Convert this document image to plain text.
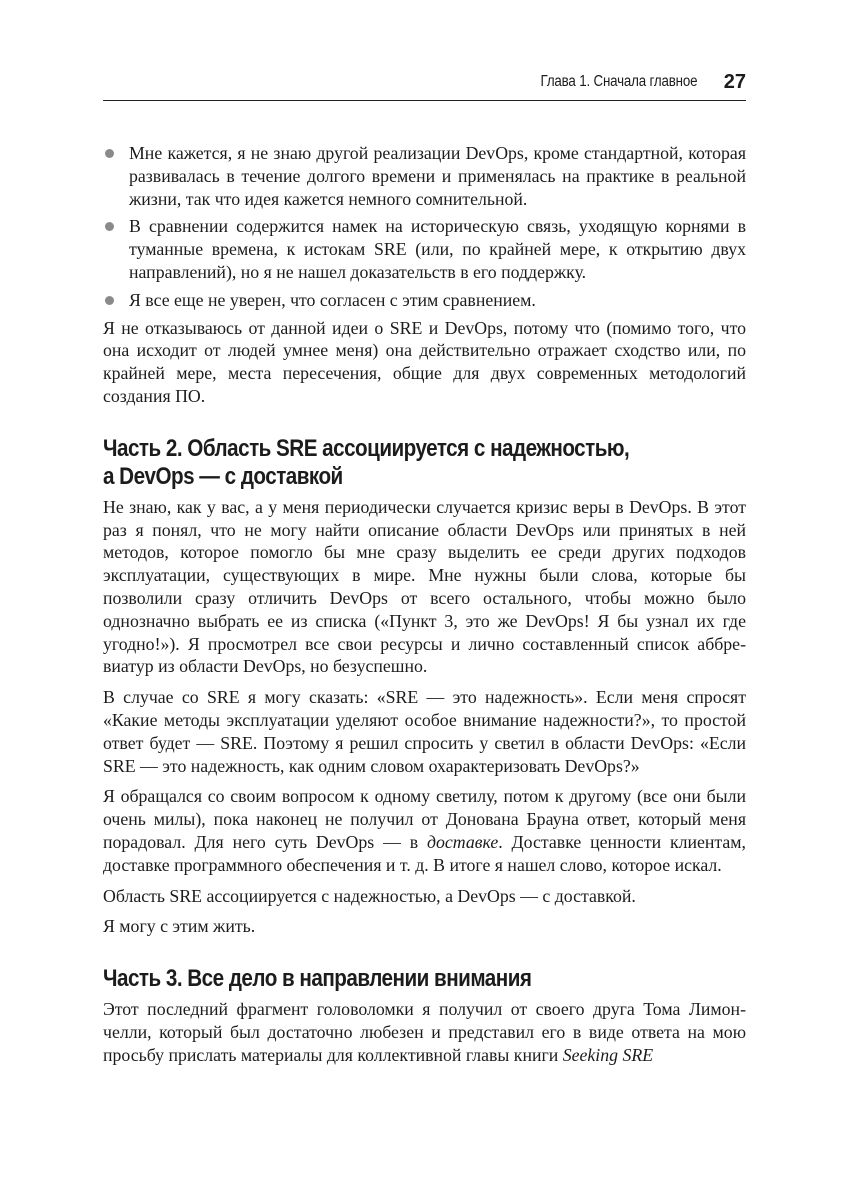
Глава 1. Сначала главное 27
Мне кажется, я не знаю другой реализации DevOps, кроме стандартной, которая развивалась в течение долгого времени и применялась на практике в реальной жизни, так что идея кажется немного сомнительной.
В сравнении содержится намек на историческую связь, уходящую корнями в туманные времена, к истокам SRE (или, по крайней мере, к открытию двух направлений), но я не нашел доказательств в его поддержку.
Я все еще не уверен, что согласен с этим сравнением.

Я не отказываюсь от данной идеи о SRE и DevOps, потому что (помимо того, что она исходит от людей умнее меня) она действительно отражает сходство или, по крайней мере, места пересечения, общие для двух современных методологий создания ПО.

Часть 2. Область SRE ассоциируется с надежностью,
а DevOps — с доставкой

Не знаю, как у вас, а у меня периодически случается кризис веры в DevOps. В этот раз я понял, что не могу найти описание области DevOps или принятых в ней методов, которое помогло бы мне сразу выделить ее среди других подходов эксплуатации, существующих в мире. Мне нужны были слова, которые бы позволили сразу отличить DevOps от всего остального, чтобы можно было однозначно выбрать ее из списка («Пункт 3, это же DevOps! Я бы узнал их где угодно!»). Я просмотрел все свои ресурсы и лично составленный список аббревиатур из области DevOps, но безуспешно.

В случае со SRE я могу сказать: «SRE — это надежность». Если меня спросят «Какие методы эксплуатации уделяют особое внимание надежности?», то простой ответ будет — SRE. Поэтому я решил спросить у светил в области DevOps: «Если SRE — это надежность, как одним словом охарактеризовать DevOps?»

Я обращался со своим вопросом к одному светилу, потом к другому (все они были очень милы), пока наконец не получил от Донована Брауна ответ, который меня порадовал. Для него суть DevOps — в доставке. Доставке ценности клиентам, доставке программного обеспечения и т. д. В итоге я нашел слово, которое искал.

Область SRE ассоциируется с надежностью, а DevOps — с доставкой.

Я могу с этим жить.

Часть 3. Все дело в направлении внимания

Этот последний фрагмент головоломки я получил от своего друга Тома Лимончелли, который был достаточно любезен и представил его в виде ответа на мою просьбу прислать материалы для коллективной главы книги Seeking SRE
